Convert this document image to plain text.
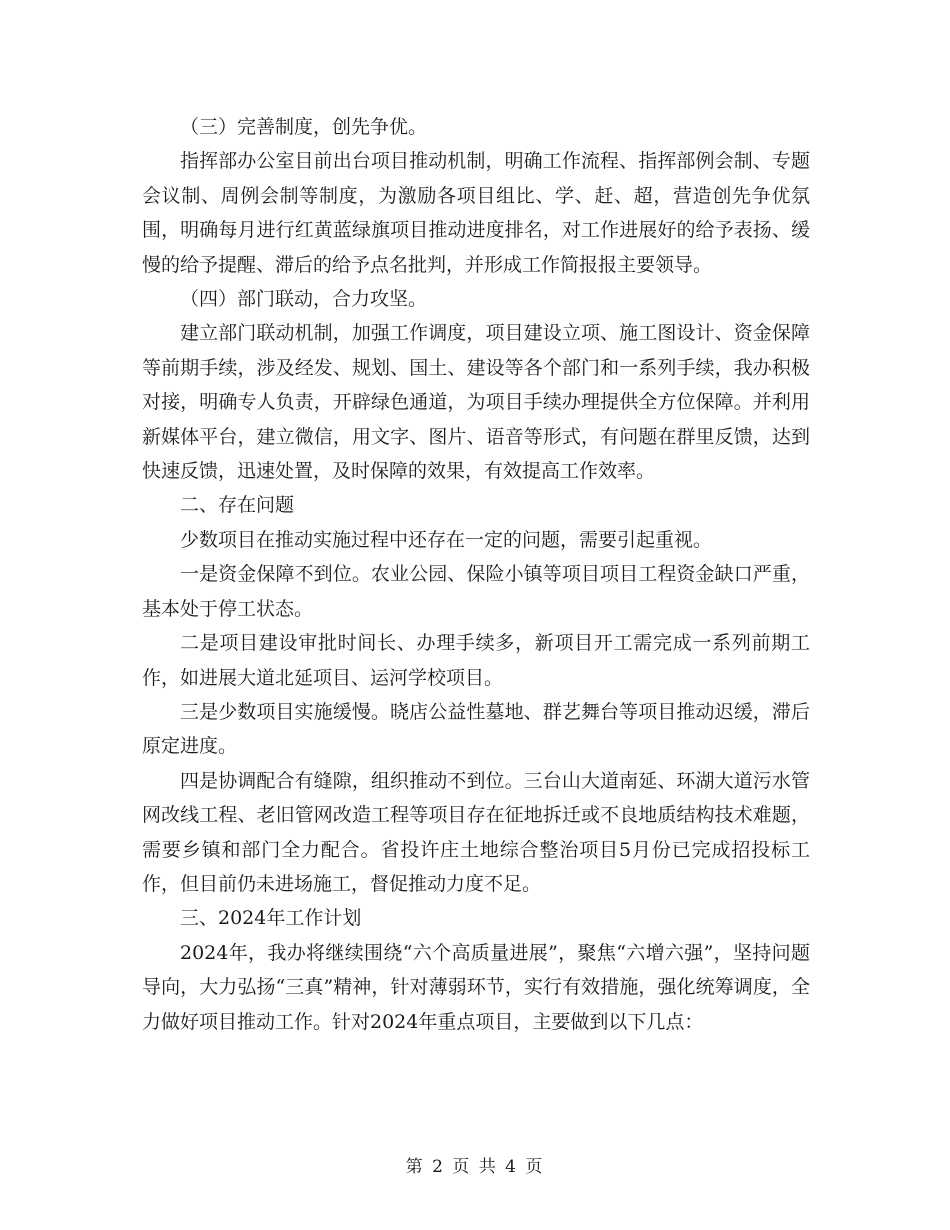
（三）完善制度，创先争优。

指挥部办公室目前出台项目推动机制，明确工作流程、指挥部例会制、专题会议制、周例会制等制度，为激励各项目组比、学、赶、超，营造创先争优氛围，明确每月进行红黄蓝绿旗项目推动进度排名，对工作进展好的给予表扬、缓慢的给予提醒、滞后的给予点名批判，并形成工作简报报主要领导。

（四）部门联动，合力攻坚。

建立部门联动机制，加强工作调度，项目建设立项、施工图设计、资金保障等前期手续，涉及经发、规划、国土、建设等各个部门和一系列手续，我办积极对接，明确专人负责，开辟绿色通道，为项目手续办理提供全方位保障。并利用新媒体平台，建立微信，用文字、图片、语音等形式，有问题在群里反馈，达到快速反馈，迅速处置，及时保障的效果，有效提高工作效率。

二、存在问题

少数项目在推动实施过程中还存在一定的问题，需要引起重视。

一是资金保障不到位。农业公园、保险小镇等项目项目工程资金缺口严重，基本处于停工状态。

二是项目建设审批时间长、办理手续多，新项目开工需完成一系列前期工作，如进展大道北延项目、运河学校项目。

三是少数项目实施缓慢。晓店公益性墓地、群艺舞台等项目推动迟缓，滞后原定进度。

四是协调配合有缝隙，组织推动不到位。三台山大道南延、环湖大道污水管网改线工程、老旧管网改造工程等项目存在征地拆迁或不良地质结构技术难题，需要乡镇和部门全力配合。省投许庄土地综合整治项目5月份已完成招投标工作，但目前仍未进场施工，督促推动力度不足。

三、2024年工作计划

2024年，我办将继续围绕“六个高质量进展”，聚焦“六增六强”，坚持问题导向，大力弘扬“三真”精神，针对薄弱环节，实行有效措施，强化统筹调度，全力做好项目推动工作。针对2024年重点项目，主要做到以下几点：

第 2 页 共 4 页
